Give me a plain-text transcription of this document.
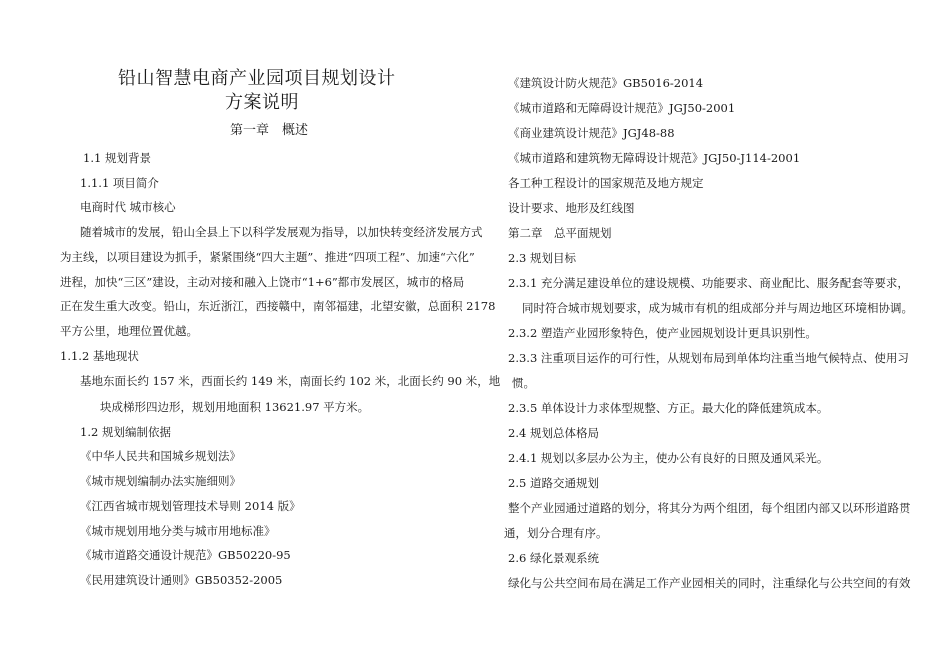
铅山智慧电商产业园项目规划设计
方案说明
第一章　概述
1.1 规划背景
1.1.1 项目简介
电商时代 城市核心
随着城市的发展，铅山全县上下以科学发展观为指导，以加快转变经济发展方式
为主线，以项目建设为抓手，紧紧围绕“四大主题”、推进“四项工程”、加速“六化”
进程，加快“三区”建设，主动对接和融入上饶市“1+6”都市发展区，城市的格局
正在发生重大改变。铅山，东近浙江，西接赣中，南邻福建，北望安徽，总面积 2178
平方公里，地理位置优越。
1.1.2 基地现状
基地东面长约 157 米，西面长约 149 米，南面长约 102 米，北面长约 90 米，地
块成梯形四边形，规划用地面积 13621.97 平方米。
1.2 规划编制依据
《中华人民共和国城乡规划法》
《城市规划编制办法实施细则》
《江西省城市规划管理技术导则 2014 版》
《城市规划用地分类与城市用地标准》
《城市道路交通设计规范》GB50220-95
《民用建筑设计通则》GB50352-2005
《建筑设计防火规范》GB5016-2014
《城市道路和无障碍设计规范》JGJ50-2001
《商业建筑设计规范》JGJ48-88
《城市道路和建筑物无障碍设计规范》JGJ50-J114-2001
各工种工程设计的国家规范及地方规定
设计要求、地形及红线图
第二章　总平面规划
2.3 规划目标
2.3.1 充分满足建设单位的建设规模、功能要求、商业配比、服务配套等要求，
同时符合城市规划要求，成为城市有机的组成部分并与周边地区环境相协调。
2.3.2 塑造产业园形象特色，使产业园规划设计更具识别性。
2.3.3 注重项目运作的可行性，从规划布局到单体均注重当地气候特点、使用习
惯。
2.3.5 单体设计力求体型规整、方正。最大化的降低建筑成本。
2.4 规划总体格局
2.4.1 规划以多层办公为主，使办公有良好的日照及通风采光。
2.5 道路交通规划
整个产业园通过道路的划分，将其分为两个组团，每个组团内部又以环形道路贯
通，划分合理有序。
2.6 绿化景观系统
绿化与公共空间布局在满足工作产业园相关的同时，注重绿化与公共空间的有效
